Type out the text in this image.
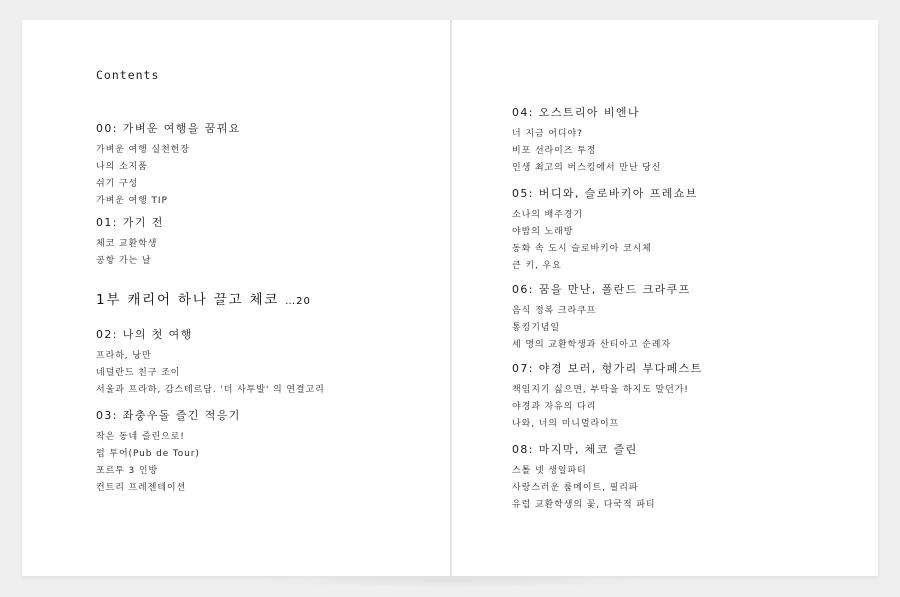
Contents
00: 가벼운 여행을 꿈꿔요
가벼운 여행 실천헌장
나의 소지품
쉬기 구성
가벼운 여행 TIP
01: 가기 전
체코 교환학생
공항 가는 날
1부 캐리어 하나 끌고 체코 …20
02: 나의 첫 여행
프라하, 낭만
네덜란드 친구 조이
서울과 프라하, 감스테르담. '더 사투발' 의 연결고리
03: 좌충우돌 즐긴 적응기
작은 동네 즐린으로!
펍 투어(Pub de Tour)
포르투 3 인방
컨트리 프레젠테이션
04: 오스트리아 비엔나
너 지금 어디야?
비포 선라이즈 투정
인생 최고의 버스킹에서 만난 당신
05: 버디와, 슬로바키아 프레쇼브
소나의 배주경기
야밤의 노래방
동화 속 도시 슬로바키아 코시체
큰 키, 우요
06: 꿈을 만난, 폴란드 크라쿠프
음식 정복 크라쿠프
통킹기념일
세 명의 교환학생과 산티아고 순례자
07: 야경 보러, 헝가리 부다페스트
책임지기 싫으면, 부탁을 하지도 말던가!
야경과 자유의 다리
나와, 너의 미니멀라이프
08: 마지막, 체코 즐린
스톨 넷 생일파티
사랑스러운 룸메이트, 필리파
유럽 교환학생의 꽃, 다국적 파티
